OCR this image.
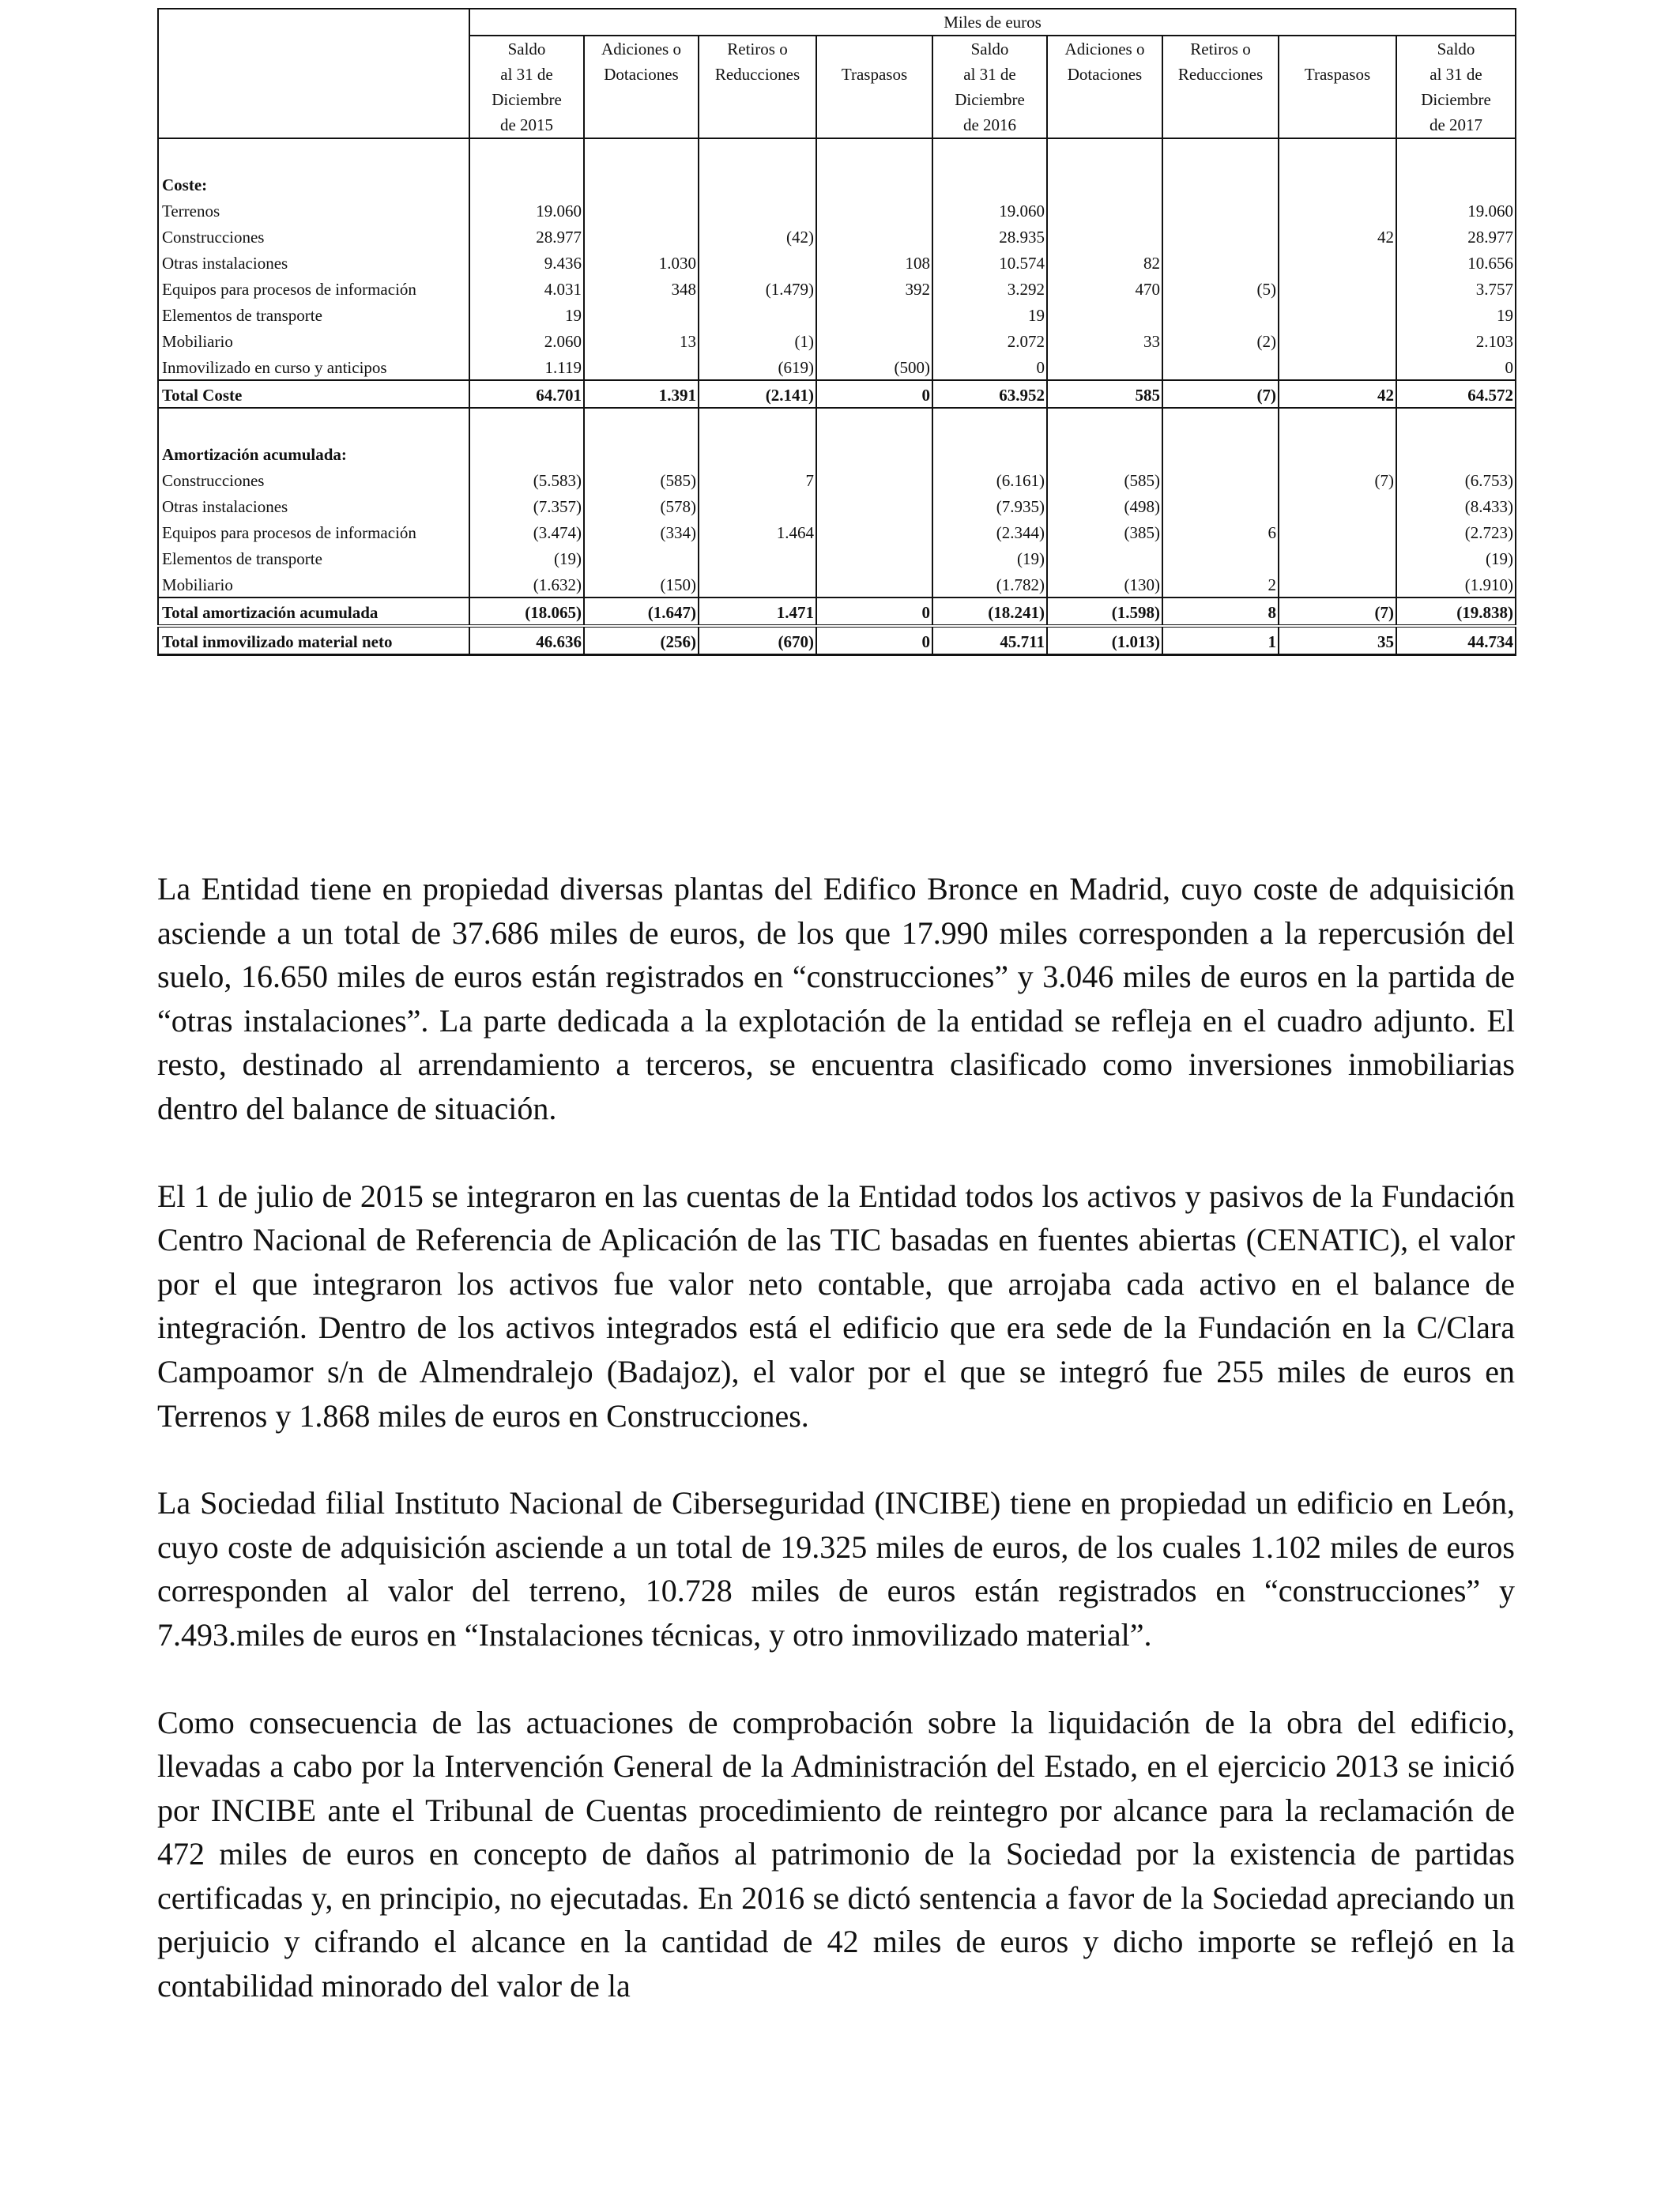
	Miles de euros								
	Saldo	Adiciones o	Retiros o		Saldo	Adiciones o	Retiros o		Saldo
	al 31 de	Dotaciones	Reducciones	Traspasos	al 31 de	Dotaciones	Reducciones	Traspasos	al 31 de
	Diciembre				Diciembre				Diciembre
	de 2015				de 2016				de 2017

Coste:									
Terrenos	19.060				19.060				19.060
Construcciones	28.977		(42)		28.935			42	28.977
Otras instalaciones	9.436	1.030		108	10.574	82			10.656
Equipos para procesos de información	4.031	348	(1.479)	392	3.292	470	(5)		3.757
Elementos de transporte	19				19				19
Mobiliario	2.060	13	(1)		2.072	33	(2)		2.103
Inmovilizado en curso y anticipos	1.119		(619)	(500)	0				0
Total Coste	64.701	1.391	(2.141)	0	63.952	585	(7)	42	64.572

Amortización acumulada:									
Construcciones	(5.583)	(585)	7		(6.161)	(585)		(7)	(6.753)
Otras instalaciones	(7.357)	(578)			(7.935)	(498)			(8.433)
Equipos para procesos de información	(3.474)	(334)	1.464		(2.344)	(385)	6		(2.723)
Elementos de transporte	(19)				(19)				(19)
Mobiliario	(1.632)	(150)			(1.782)	(130)	2		(1.910)
Total amortización acumulada	(18.065)	(1.647)	1.471	0	(18.241)	(1.598)	8	(7)	(19.838)
Total inmovilizado material neto	46.636	(256)	(670)	0	45.711	(1.013)	1	35	44.734

La Entidad tiene en propiedad diversas plantas del Edifico Bronce en Madrid, cuyo coste de adquisición asciende a un total de 37.686 miles de euros, de los que 17.990 miles corresponden a la repercusión del suelo, 16.650 miles de euros están registrados en “construcciones” y 3.046 miles de euros en la partida de “otras instalaciones”. La parte dedicada a la explotación de la entidad se refleja en el cuadro adjunto. El resto, destinado al arrendamiento a terceros, se encuentra clasificado como inversiones inmobiliarias dentro del balance de situación.

El 1 de julio de 2015 se integraron en las cuentas de la Entidad todos los activos y pasivos de la Fundación Centro Nacional de Referencia de Aplicación de las TIC basadas en fuentes abiertas (CENATIC), el valor por el que integraron los activos fue valor neto contable, que arrojaba cada activo en el balance de integración. Dentro de los activos integrados está el edificio que era sede de la Fundación en la C/Clara Campoamor s/n de Almendralejo (Badajoz), el valor por el que se integró fue 255 miles de euros en Terrenos y 1.868 miles de euros en Construcciones.

La Sociedad filial Instituto Nacional de Ciberseguridad (INCIBE) tiene en propiedad un edificio en León, cuyo coste de adquisición asciende a un total de 19.325 miles de euros, de los cuales 1.102 miles de euros corresponden al valor del terreno, 10.728 miles de euros están registrados en “construcciones” y 7.493.miles de euros en “Instalaciones técnicas, y otro inmovilizado material”.

Como consecuencia de las actuaciones de comprobación sobre la liquidación de la obra del edificio, llevadas a cabo por la Intervención General de la Administración del Estado, en el ejercicio 2013 se inició por INCIBE ante el Tribunal de Cuentas procedimiento de reintegro por alcance para la reclamación de 472 miles de euros en concepto de daños al patrimonio de la Sociedad por la existencia de partidas certificadas y, en principio, no ejecutadas. En 2016 se dictó sentencia a favor de la Sociedad apreciando un perjuicio y cifrando el alcance en la cantidad de 42 miles de euros y dicho importe se reflejó en la contabilidad minorado del valor de la
